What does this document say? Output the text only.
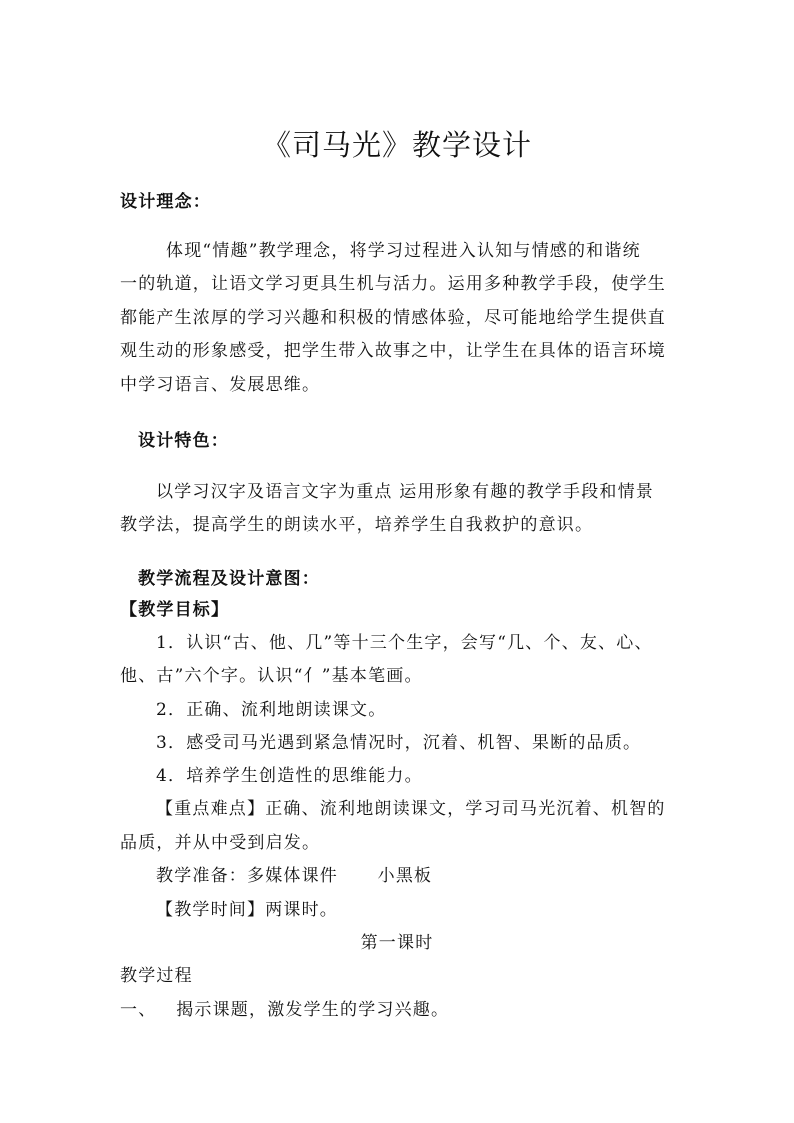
《司马光》教学设计
设计理念：
体现“情趣”教学理念，将学习过程进入认知与情感的和谐统
一的轨道，让语文学习更具生机与活力。运用多种教学手段，使学生
都能产生浓厚的学习兴趣和积极的情感体验，尽可能地给学生提供直
观生动的形象感受，把学生带入故事之中，让学生在具体的语言环境
中学习语言、发展思维。
设计特色：
以学习汉字及语言文字为重点 运用形象有趣的教学手段和情景
教学法，提高学生的朗读水平，培养学生自我救护的意识。
教学流程及设计意图：
【教学目标】
1．认识“古、他、几”等十三个生字，会写“几、个、友、心、
他、古”六个字。认识“亻”基本笔画。
2．正确、流利地朗读课文。
3．感受司马光遇到紧急情况时，沉着、机智、果断的品质。
4．培养学生创造性的思维能力。
【重点难点】正确、流利地朗读课文，学习司马光沉着、机智的
品质，并从中受到启发。
教学准备：多媒体课件      小黑板
【教学时间】两课时。
第一课时
教学过程
一、   揭示课题，激发学生的学习兴趣。
